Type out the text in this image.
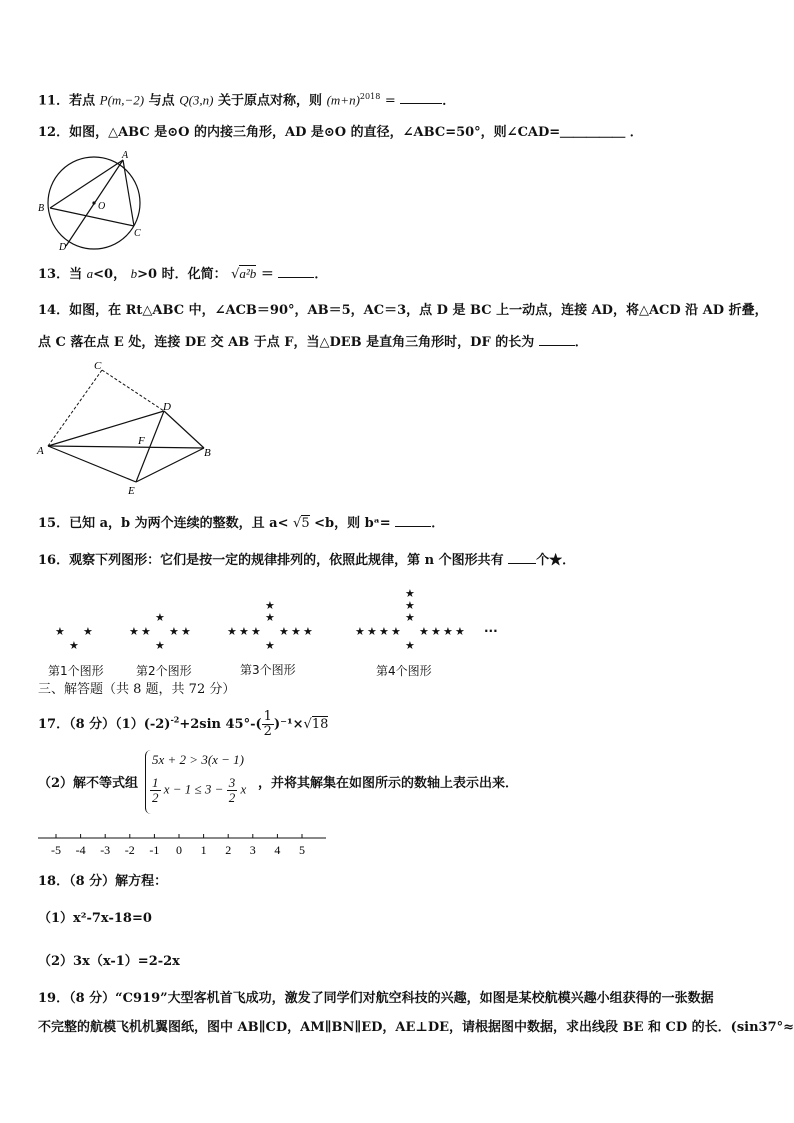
11．若点 P(m,−2) 与点 Q(3,n) 关于原点对称，则 $(m+n)^{2018}$ =	．
12．如图，△ABC 是⊙O 的内接三角形，AD 是⊙O 的直径，∠ABC=50°，则∠CAD=＿＿＿＿＿ ．
A
B
C
D
O
13．当 a<0， b>0 时．化简： √a²b ＝	．
14．如图，在 Rt△ABC 中，∠ACB＝90°，AB＝5，AC＝3，点 D 是 BC 上一动点，连接 AD，将△ACD 沿 AD 折叠，
点 C 落在点 E 处，连接 DE 交 AB 于点 F，当△DEB 是直角三角形时，DF 的长为	．
C
D
A	B
F
E
15．已知 a，b 为两个连续的整数，且 a< √5 <b，则 bᵃ=	．
16．观察下列图形：它们是按一定的规律排列的，依照此规律，第 n 个图形共有	个★．
★ ★
★
★ ★
★	★
★
★
★ ★
★	★
★	★
★
★
★
★ ★
★	★
★	★
★	★
★
★
★
★
···
第1个图形	第2个图形	第3个图形	第4个图形
三、解答题（共 8 题，共 72 分）
17．（8 分）$(1)(-2)^{-2}+2\sin$ $45^\circ-( \frac{1}{2} )^{-1}\times√18$
（2）解不等式组
5x + 2 > 3(x − 1)
$\frac{1}{2}$ $x - 1 \le 3 - \frac{3}{2}$ x ，并将其解集在如图所示的数轴上表示出来．
-5 -4 -3 -2 -1 0 1 2 3 4 5
18．（8 分）解方程：
（1）x²-7x-18=0
（2）3x（x-1）=2-2x
19．（8 分）“C919”大型客机首飞成功，激发了同学们对航空科技的兴趣，如图是某校航模兴趣小组获得的一张数据
不完整的航模飞机机翼图纸，图中 AB∥CD，AM∥BN∥ED，AE⊥DE，请根据图中数据，求出线段 BE 和 CD 的长．(sin37°≈
